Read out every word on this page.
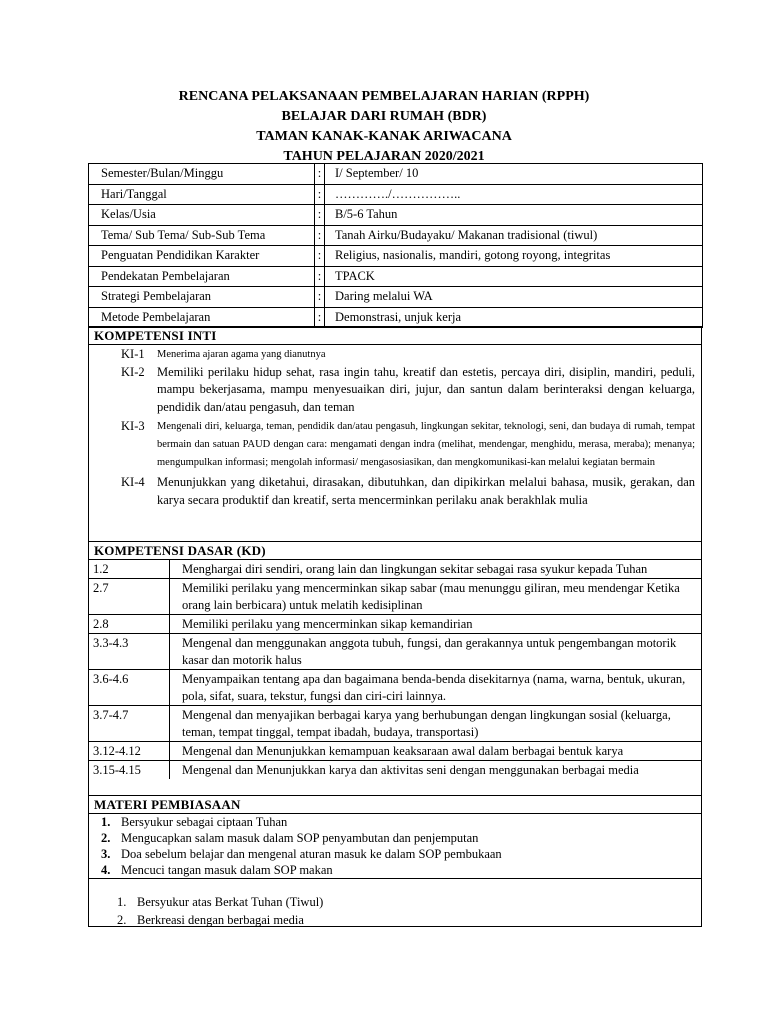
RENCANA PELAKSANAAN PEMBELAJARAN HARIAN (RPPH)
BELAJAR DARI RUMAH (BDR)
TAMAN KANAK-KANAK ARIWACANA
TAHUN PELAJARAN 2020/2021
Semester/Bulan/Minggu	:	I/ September/ 10
Hari/Tanggal	:	…………./……………..
Kelas/Usia	:	B/5-6 Tahun
Tema/ Sub Tema/ Sub-Sub Tema	:	Tanah Airku/Budayaku/ Makanan tradisional (tiwul)
Penguatan Pendidikan Karakter	:	Religius, nasionalis, mandiri, gotong royong, integritas
Pendekatan Pembelajaran	:	TPACK
Strategi Pembelajaran	:	Daring melalui WA
Metode Pembelajaran	:	Demonstrasi, unjuk kerja
KOMPETENSI INTI
KI-1 Menerima ajaran agama yang dianutnya
KI-2 Memiliki perilaku hidup sehat, rasa ingin tahu, kreatif dan estetis, percaya diri, disiplin, mandiri, peduli, mampu bekerjasama, mampu menyesuaikan diri, jujur, dan santun dalam berinteraksi dengan keluarga, pendidik dan/atau pengasuh, dan teman
KI-3 Mengenali diri, keluarga, teman, pendidik dan/atau pengasuh, lingkungan sekitar, teknologi, seni, dan budaya di rumah, tempat bermain dan satuan PAUD dengan cara: mengamati dengan indra (melihat, mendengar, menghidu, merasa, meraba); menanya; mengumpulkan informasi; mengolah informasi/ mengasosiasikan, dan mengkomunikasi-kan melalui kegiatan bermain
KI-4 Menunjukkan yang diketahui, dirasakan, dibutuhkan, dan dipikirkan melalui bahasa, musik, gerakan, dan karya secara produktif dan kreatif, serta mencerminkan perilaku anak berakhlak mulia
KOMPETENSI DASAR (KD)
1.2	Menghargai diri sendiri, orang lain dan lingkungan sekitar sebagai rasa syukur kepada Tuhan
2.7	Memiliki perilaku yang mencerminkan sikap sabar (mau menunggu giliran, meu mendengar Ketika orang lain berbicara) untuk melatih kedisiplinan
2.8	Memiliki perilaku yang mencerminkan sikap kemandirian
3.3-4.3	Mengenal dan menggunakan anggota tubuh, fungsi, dan gerakannya untuk pengembangan motorik kasar dan motorik halus
3.6-4.6	Menyampaikan tentang apa dan bagaimana benda-benda disekitarnya (nama, warna, bentuk, ukuran, pola, sifat, suara, tekstur, fungsi dan ciri-ciri lainnya.
3.7-4.7	Mengenal dan menyajikan berbagai karya yang berhubungan dengan lingkungan sosial (keluarga, teman, tempat tinggal, tempat ibadah, budaya, transportasi)
3.12-4.12	Mengenal dan Menunjukkan kemampuan keaksaraan awal dalam berbagai bentuk karya
3.15-4.15	Mengenal dan Menunjukkan karya dan aktivitas seni dengan menggunakan berbagai media
MATERI PEMBIASAAN
1. Bersyukur sebagai ciptaan Tuhan
2. Mengucapkan salam masuk dalam SOP penyambutan dan penjemputan
3. Doa sebelum belajar dan mengenal aturan masuk ke dalam SOP pembukaan
4. Mencuci tangan masuk dalam SOP makan
1. Bersyukur atas Berkat Tuhan (Tiwul)
2. Berkreasi dengan berbagai media
